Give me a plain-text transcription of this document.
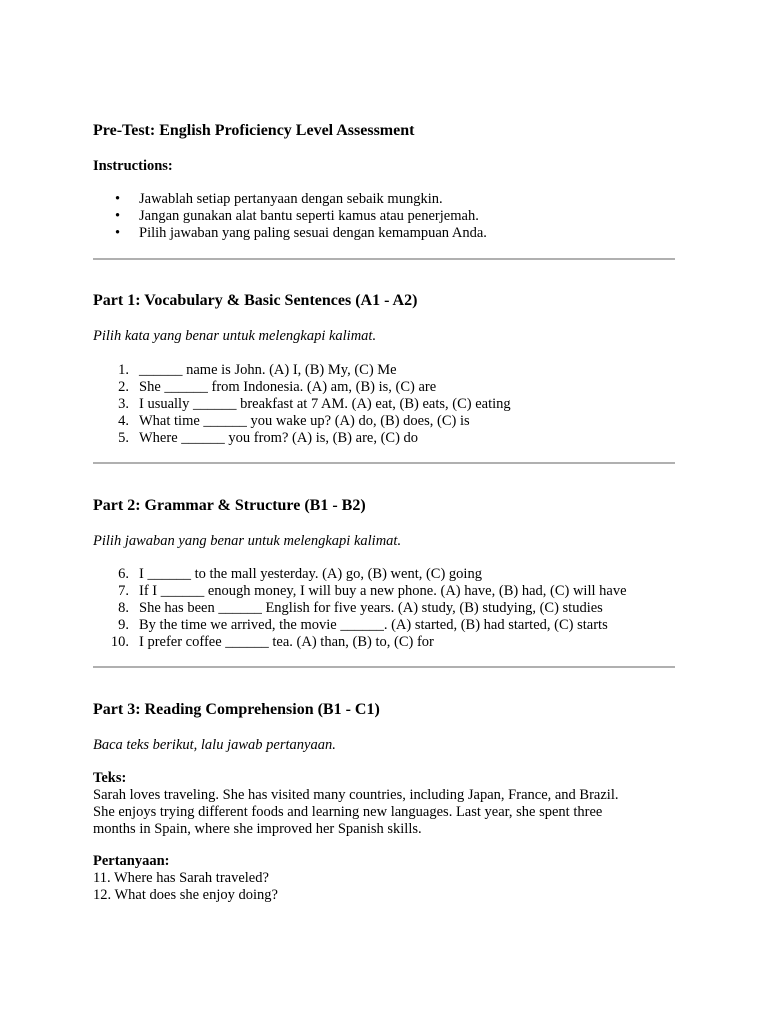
Pre-Test: English Proficiency Level Assessment
Instructions:
• Jawablah setiap pertanyaan dengan sebaik mungkin.
• Jangan gunakan alat bantu seperti kamus atau penerjemah.
• Pilih jawaban yang paling sesuai dengan kemampuan Anda.
Part 1: Vocabulary & Basic Sentences (A1 - A2)
Pilih kata yang benar untuk melengkapi kalimat.
1. ______ name is John. (A) I, (B) My, (C) Me
2. She ______ from Indonesia. (A) am, (B) is, (C) are
3. I usually ______ breakfast at 7 AM. (A) eat, (B) eats, (C) eating
4. What time ______ you wake up? (A) do, (B) does, (C) is
5. Where ______ you from? (A) is, (B) are, (C) do
Part 2: Grammar & Structure (B1 - B2)
Pilih jawaban yang benar untuk melengkapi kalimat.
6. I ______ to the mall yesterday. (A) go, (B) went, (C) going
7. If I ______ enough money, I will buy a new phone. (A) have, (B) had, (C) will have
8. She has been ______ English for five years. (A) study, (B) studying, (C) studies
9. By the time we arrived, the movie ______. (A) started, (B) had started, (C) starts
10. I prefer coffee ______ tea. (A) than, (B) to, (C) for
Part 3: Reading Comprehension (B1 - C1)
Baca teks berikut, lalu jawab pertanyaan.
Teks:
Sarah loves traveling. She has visited many countries, including Japan, France, and Brazil.
She enjoys trying different foods and learning new languages. Last year, she spent three
months in Spain, where she improved her Spanish skills.
Pertanyaan:
11. Where has Sarah traveled?
12. What does she enjoy doing?
